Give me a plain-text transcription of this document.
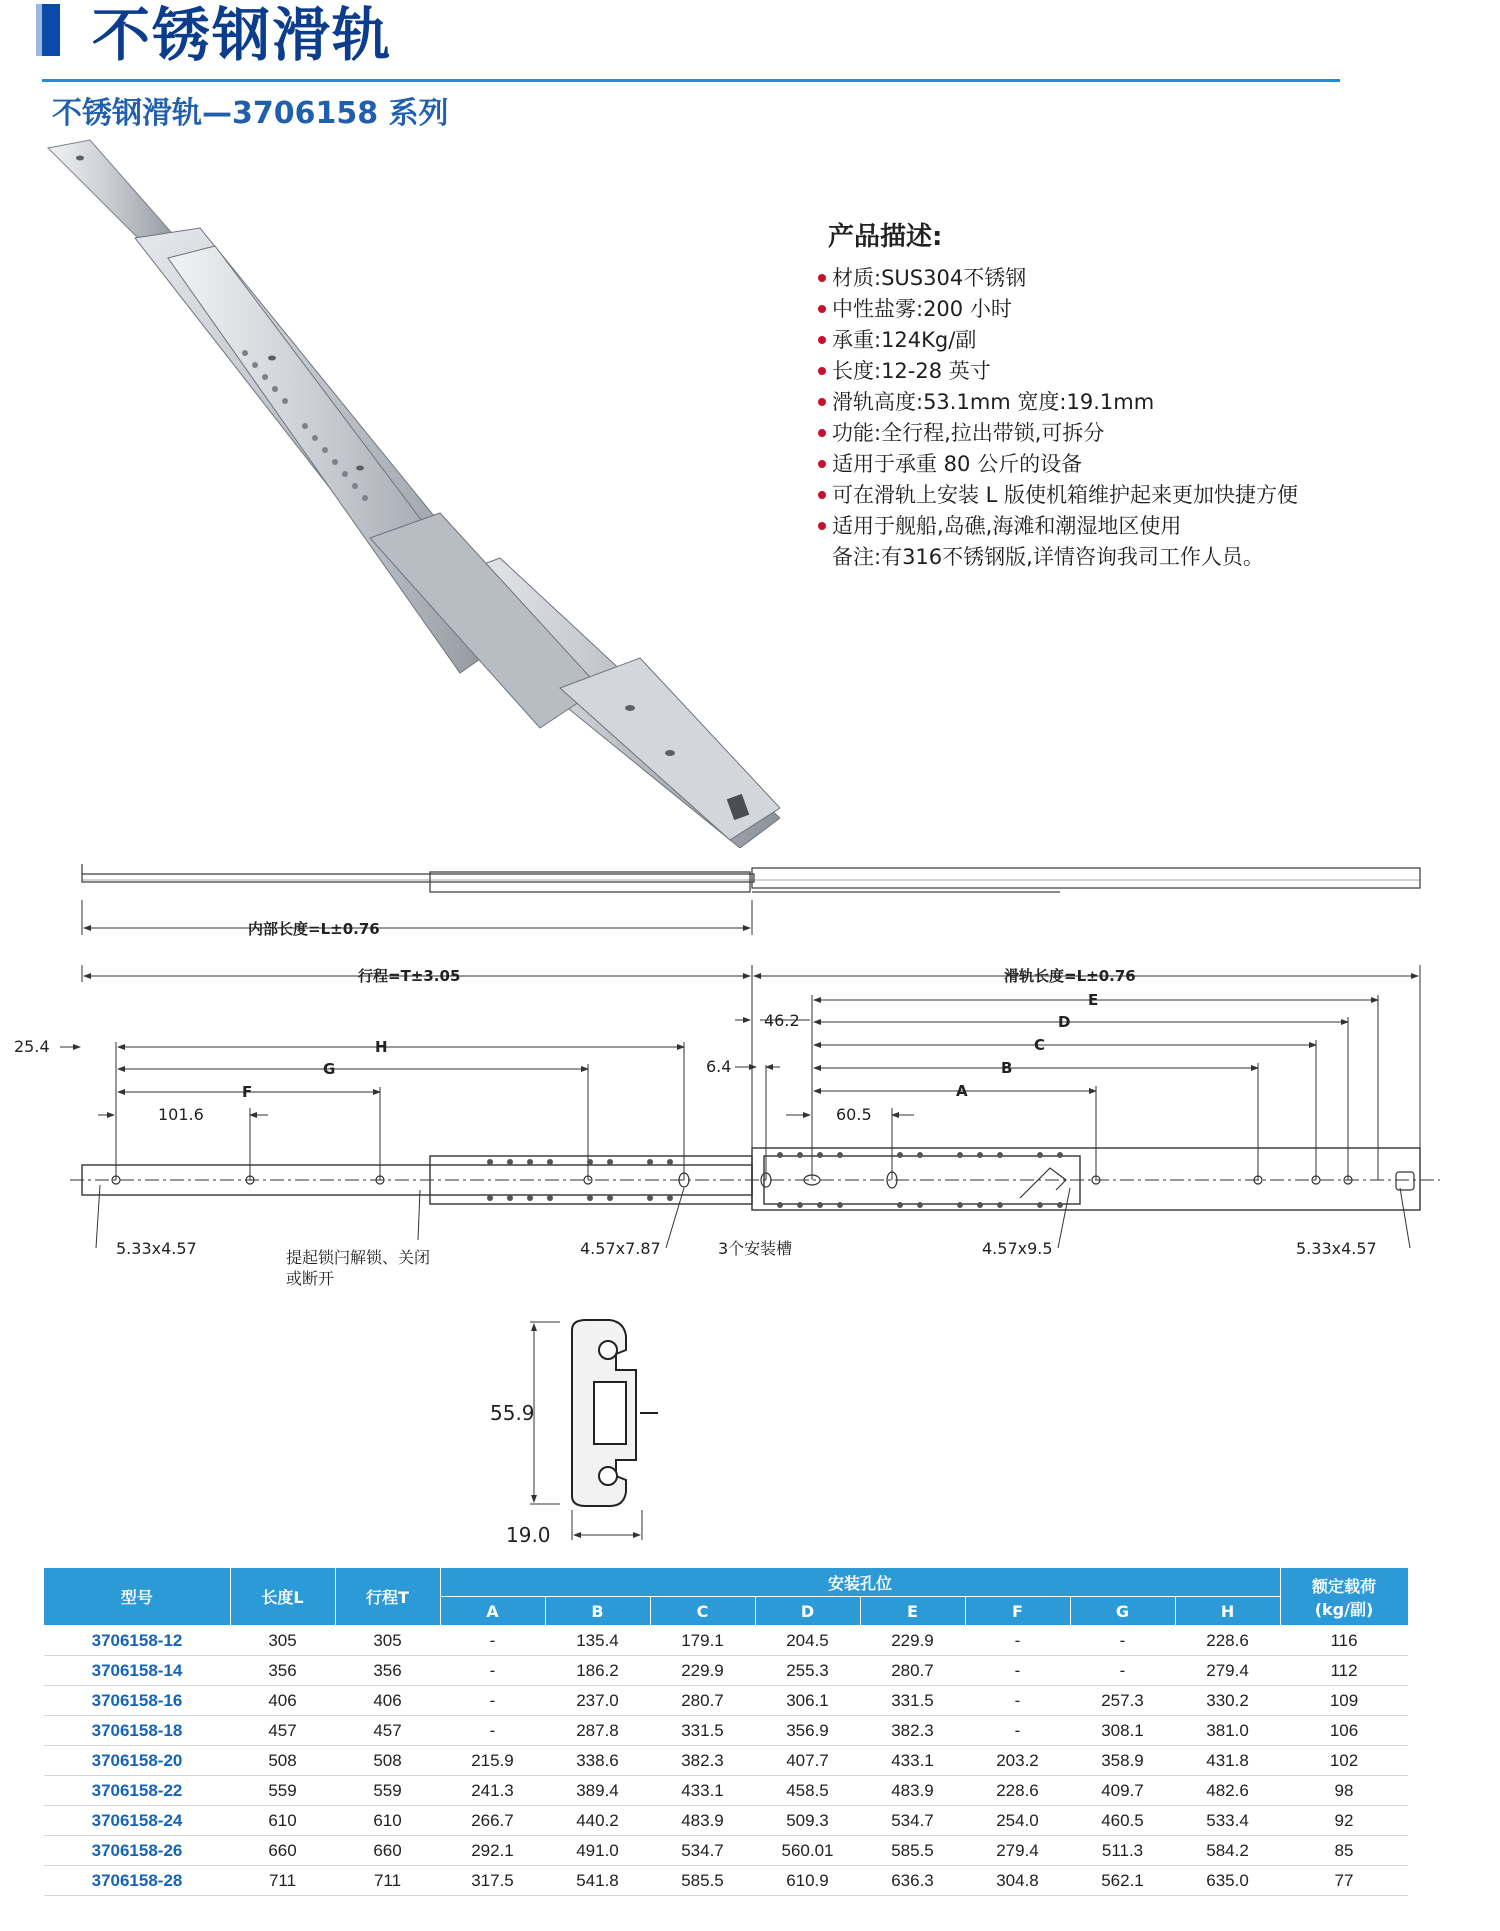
不锈钢滑轨
不锈钢滑轨—3706158 系列
产品描述:
材质:SUS304不锈钢
中性盐雾:200 小时
承重:124Kg/副
长度:12-28 英寸
滑轨高度:53.1mm 宽度:19.1mm
功能:全行程,拉出带锁,可拆分
适用于承重 80 公斤的设备
可在滑轨上安装 L 版使机箱维护起来更加快捷方便
适用于舰船,岛礁,海滩和潮湿地区使用
备注:有316不锈钢版,详情咨询我司工作人员。
内部长度=L±0.76
行程=T±3.05	滑轨长度=L±0.76
E
D
C
B
A
46.2
6.4
60.5
H
G
F
101.6
25.4
5.33x4.57	提起锁闩解锁、关闭
或断开
4.57x7.87	3个安装槽	4.57x9.5	5.33x4.57
55.9
19.0
型号	长度L	行程T	安装孔位								额定载荷
(kg/副)
			A	B	C	D	E	F	G	H	
3706158-12	305	305	-	135.4	179.1	204.5	229.9	-	-	228.6	116
3706158-14	356	356	-	186.2	229.9	255.3	280.7	-	-	279.4	112
3706158-16	406	406	-	237.0	280.7	306.1	331.5	-	257.3	330.2	109
3706158-18	457	457	-	287.8	331.5	356.9	382.3	-	308.1	381.0	106
3706158-20	508	508	215.9	338.6	382.3	407.7	433.1	203.2	358.9	431.8	102
3706158-22	559	559	241.3	389.4	433.1	458.5	483.9	228.6	409.7	482.6	98
3706158-24	610	610	266.7	440.2	483.9	509.3	534.7	254.0	460.5	533.4	92
3706158-26	660	660	292.1	491.0	534.7	560.01	585.5	279.4	511.3	584.2	85
3706158-28	711	711	317.5	541.8	585.5	610.9	636.3	304.8	562.1	635.0	77
